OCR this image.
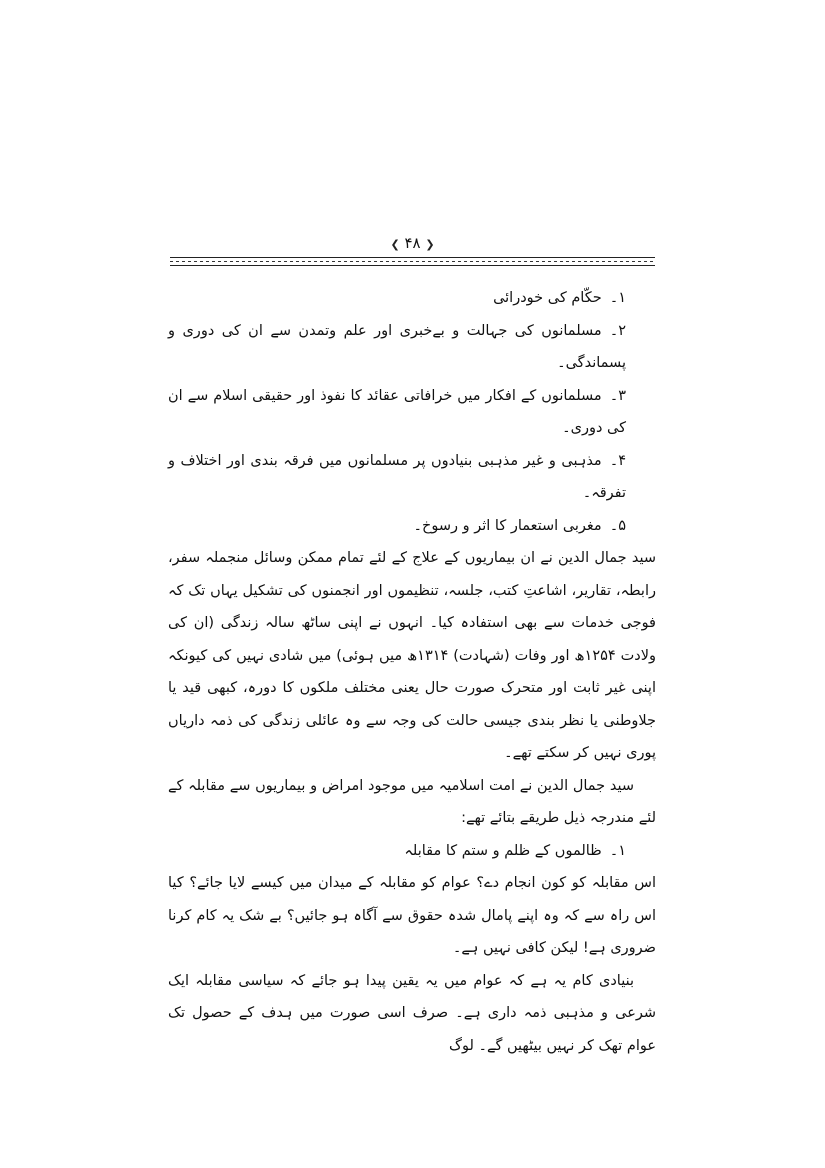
❮ ۴۸ ❯

۱۔حکّام کی خودرائی

۲۔مسلمانوں کی جہالت و بےخبری اور علم وتمدن سے ان کی دوری و پسماندگی۔

۳۔مسلمانوں کے افکار میں خرافاتی عقائد کا نفوذ اور حقیقی اسلام سے ان کی دوری۔

۴۔مذہبی و غیر مذہبی بنیادوں پر مسلمانوں میں فرقہ بندی اور اختلاف و تفرقہ۔

۵۔مغربی استعمار کا اثر و رسوخ۔

سید جمال الدین نے ان بیماریوں کے علاج کے لئے تمام ممکن وسائل منجملہ سفر، رابطہ، تقاریر، اشاعتِ کتب، جلسہ، تنظیموں اور انجمنوں کی تشکیل یہاں تک کہ فوجی خدمات سے بھی استفادہ کیا۔ انہوں نے اپنی ساٹھ سالہ زندگی (ان کی ولادت ۱۲۵۴ھ اور وفات (شہادت) ۱۳۱۴ھ میں ہوئی) میں شادی نہیں کی کیونکہ اپنی غیر ثابت اور متحرک صورت حال یعنی مختلف ملکوں کا دورہ، کبھی قید یا جلاوطنی یا نظر بندی جیسی حالت کی وجہ سے وہ عائلی زندگی کی ذمہ داریاں پوری نہیں کر سکتے تھے۔

سید جمال الدین نے امت اسلامیہ میں موجود امراض و بیماریوں سے مقابلہ کے لئے مندرجہ ذیل طریقے بتائے تھے:

۱۔ظالموں کے ظلم و ستم کا مقابلہ

اس مقابلہ کو کون انجام دے؟ عوام کو مقابلہ کے میدان میں کیسے لایا جائے؟ کیا اس راہ سے کہ وہ اپنے پامال شدہ حقوق سے آگاہ ہو جائیں؟ بے شک یہ کام کرنا ضروری ہے! لیکن کافی نہیں ہے۔

بنیادی کام یہ ہے کہ عوام میں یہ یقین پیدا ہو جائے کہ سیاسی مقابلہ ایک شرعی و مذہبی ذمہ داری ہے۔ صرف اسی صورت میں ہدف کے حصول تک عوام تھک کر نہیں بیٹھیں گے۔ لوگ
